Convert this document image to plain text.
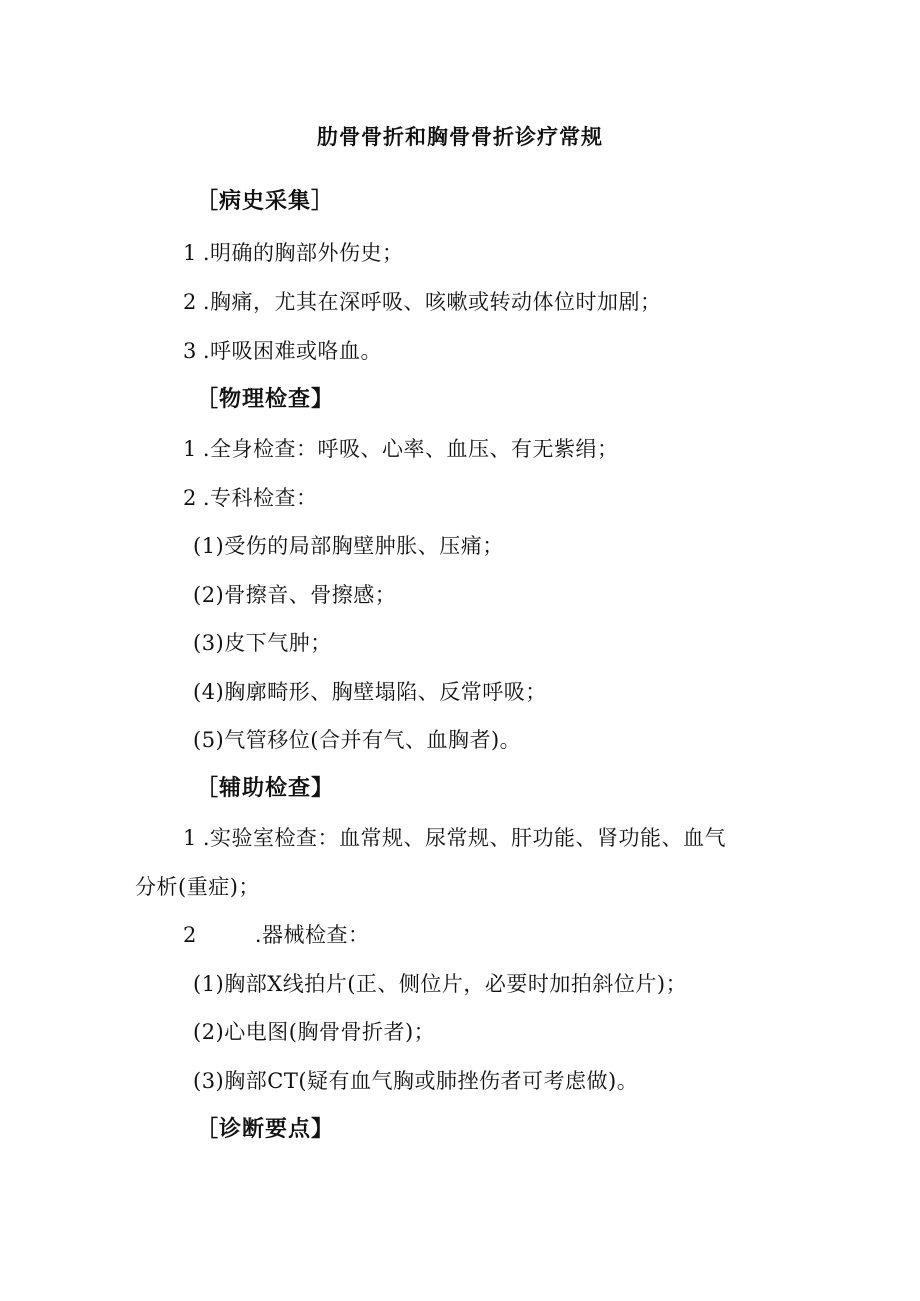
肋骨骨折和胸骨骨折诊疗常规
［病史采集］
1 .明确的胸部外伤史；
2 .胸痛，尤其在深呼吸、咳嗽或转动体位时加剧；
3 .呼吸困难或咯血。
［物理检查】
1 .全身检查：呼吸、心率、血压、有无紫绢；
2 .专科检查：
(1)受伤的局部胸壁肿胀、压痛；
(2)骨擦音、骨擦感；
(3)皮下气肿；
(4)胸廓畸形、胸壁塌陷、反常呼吸；
(5)气管移位(合并有气、血胸者)。
［辅助检查】
1 .实验室检查：血常规、尿常规、肝功能、肾功能、血气
分析(重症)；
2	.器械检查：
(1)胸部X线拍片(正、侧位片，必要时加拍斜位片)；
(2)心电图(胸骨骨折者)；
(3)胸部CT(疑有血气胸或肺挫伤者可考虑做)。
［诊断要点】
